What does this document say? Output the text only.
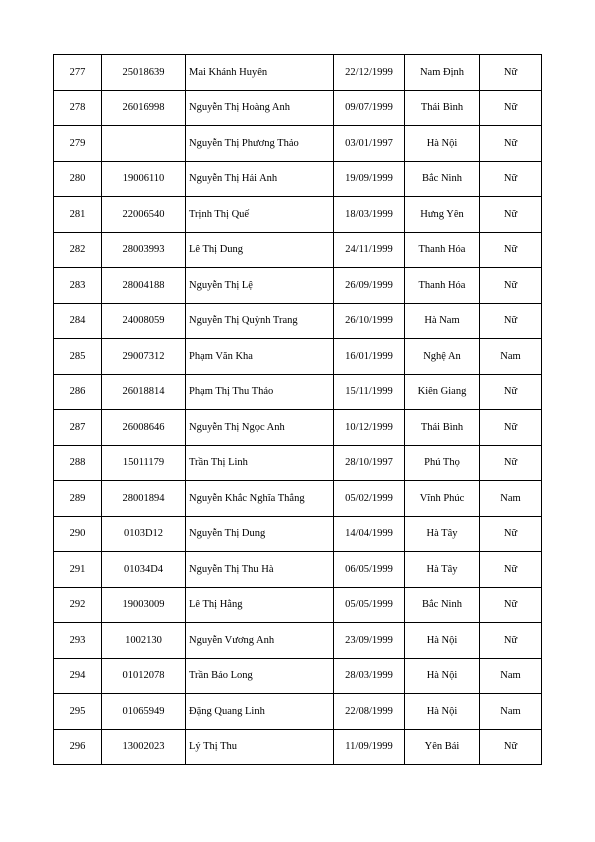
277	25018639	Mai Khánh Huyên	22/12/1999	Nam Định	Nữ
278	26016998	Nguyễn Thị Hoàng Anh	09/07/1999	Thái Bình	Nữ
279		Nguyễn Thị Phương Thảo	03/01/1997	Hà Nội	Nữ
280	19006110	Nguyễn Thị Hải Anh	19/09/1999	Bắc Ninh	Nữ
281	22006540	Trịnh Thị Quế	18/03/1999	Hưng Yên	Nữ
282	28003993	Lê Thị Dung	24/11/1999	Thanh Hóa	Nữ
283	28004188	Nguyễn Thị Lệ	26/09/1999	Thanh Hóa	Nữ
284	24008059	Nguyễn Thị Quỳnh Trang	26/10/1999	Hà Nam	Nữ
285	29007312	Phạm Văn Kha	16/01/1999	Nghệ An	Nam
286	26018814	Phạm Thị Thu Thảo	15/11/1999	Kiên Giang	Nữ
287	26008646	Nguyễn Thị Ngọc Anh	10/12/1999	Thái Bình	Nữ
288	15011179	Trần Thị Linh	28/10/1997	Phú Thọ	Nữ
289	28001894	Nguyễn Khắc Nghĩa Thắng	05/02/1999	Vĩnh Phúc	Nam
290	0103D12	Nguyễn Thị Dung	14/04/1999	Hà Tây	Nữ
291	01034D4	Nguyễn Thị Thu Hà	06/05/1999	Hà Tây	Nữ
292	19003009	Lê Thị Hằng	05/05/1999	Bắc Ninh	Nữ
293	1002130	Nguyễn Vương Anh	23/09/1999	Hà Nội	Nữ
294	01012078	Trần Bảo Long	28/03/1999	Hà Nội	Nam
295	01065949	Đặng Quang Linh	22/08/1999	Hà Nội	Nam
296	13002023	Lý Thị Thu	11/09/1999	Yên Bái	Nữ
